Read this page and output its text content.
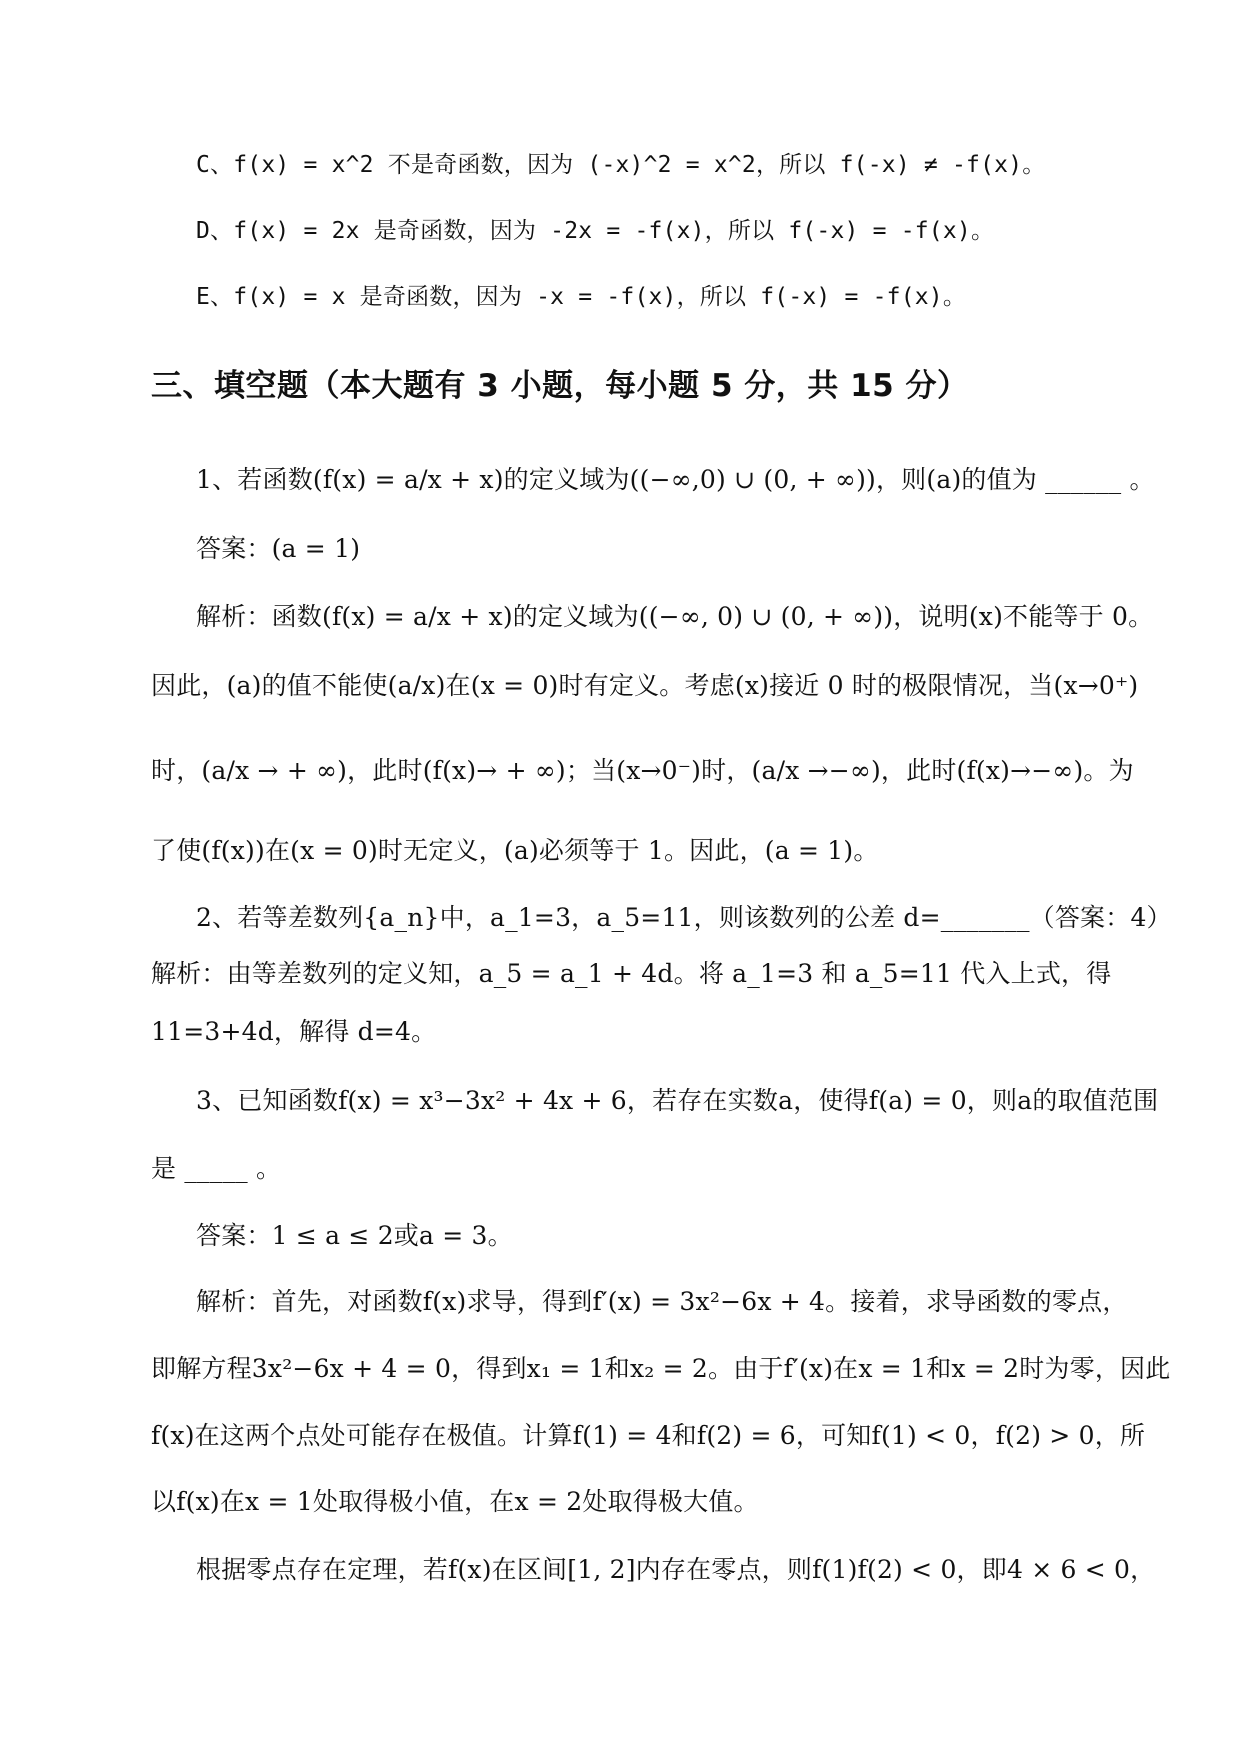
C、f(x) = x^2 不是奇函数，因为 (-x)^2 = x^2，所以 f(-x) ≠ -f(x)。
D、f(x) = 2x 是奇函数，因为 -2x = -f(x)，所以 f(-x) = -f(x)。
E、f(x) = x 是奇函数，因为 -x = -f(x)，所以 f(-x) = -f(x)。
三、填空题（本大题有 3 小题，每小题 5 分，共 15 分）
1、若函数(f(x) = a/x + x)的定义域为((−∞,0) ∪ (0, + ∞))，则(a)的值为 ______ 。
答案：(a = 1)
解析：函数(f(x) = a/x + x)的定义域为((−∞, 0) ∪ (0, + ∞))，说明(x)不能等于 0。
因此，(a)的值不能使(a/x)在(x = 0)时有定义。考虑(x)接近 0 时的极限情况，当(x→0⁺)
时，(a/x → + ∞)，此时(f(x)→ + ∞)；当(x→0⁻)时，(a/x →−∞)，此时(f(x)→−∞)。为
了使(f(x))在(x = 0)时无定义，(a)必须等于 1。因此，(a = 1)。
2、若等差数列{a_n}中，a_1=3，a_5=11，则该数列的公差 d=_______（答案：4）
解析：由等差数列的定义知，a_5 = a_1 + 4d。将 a_1=3 和 a_5=11 代入上式，得
11=3+4d，解得 d=4。
3、已知函数f(x) = x³−3x² + 4x + 6，若存在实数a，使得f(a) = 0，则a的取值范围
是 _____ 。
答案：1 ≤ a ≤ 2或a = 3。
解析：首先，对函数f(x)求导，得到f′(x) = 3x²−6x + 4。接着，求导函数的零点，
即解方程3x²−6x + 4 = 0，得到x₁ = 1和x₂ = 2。由于f′(x)在x = 1和x = 2时为零，因此
f(x)在这两个点处可能存在极值。计算f(1) = 4和f(2) = 6，可知f(1) < 0，f(2) > 0，所
以f(x)在x = 1处取得极小值，在x = 2处取得极大值。
根据零点存在定理，若f(x)在区间[1, 2]内存在零点，则f(1)f(2) < 0，即4 × 6 < 0，
